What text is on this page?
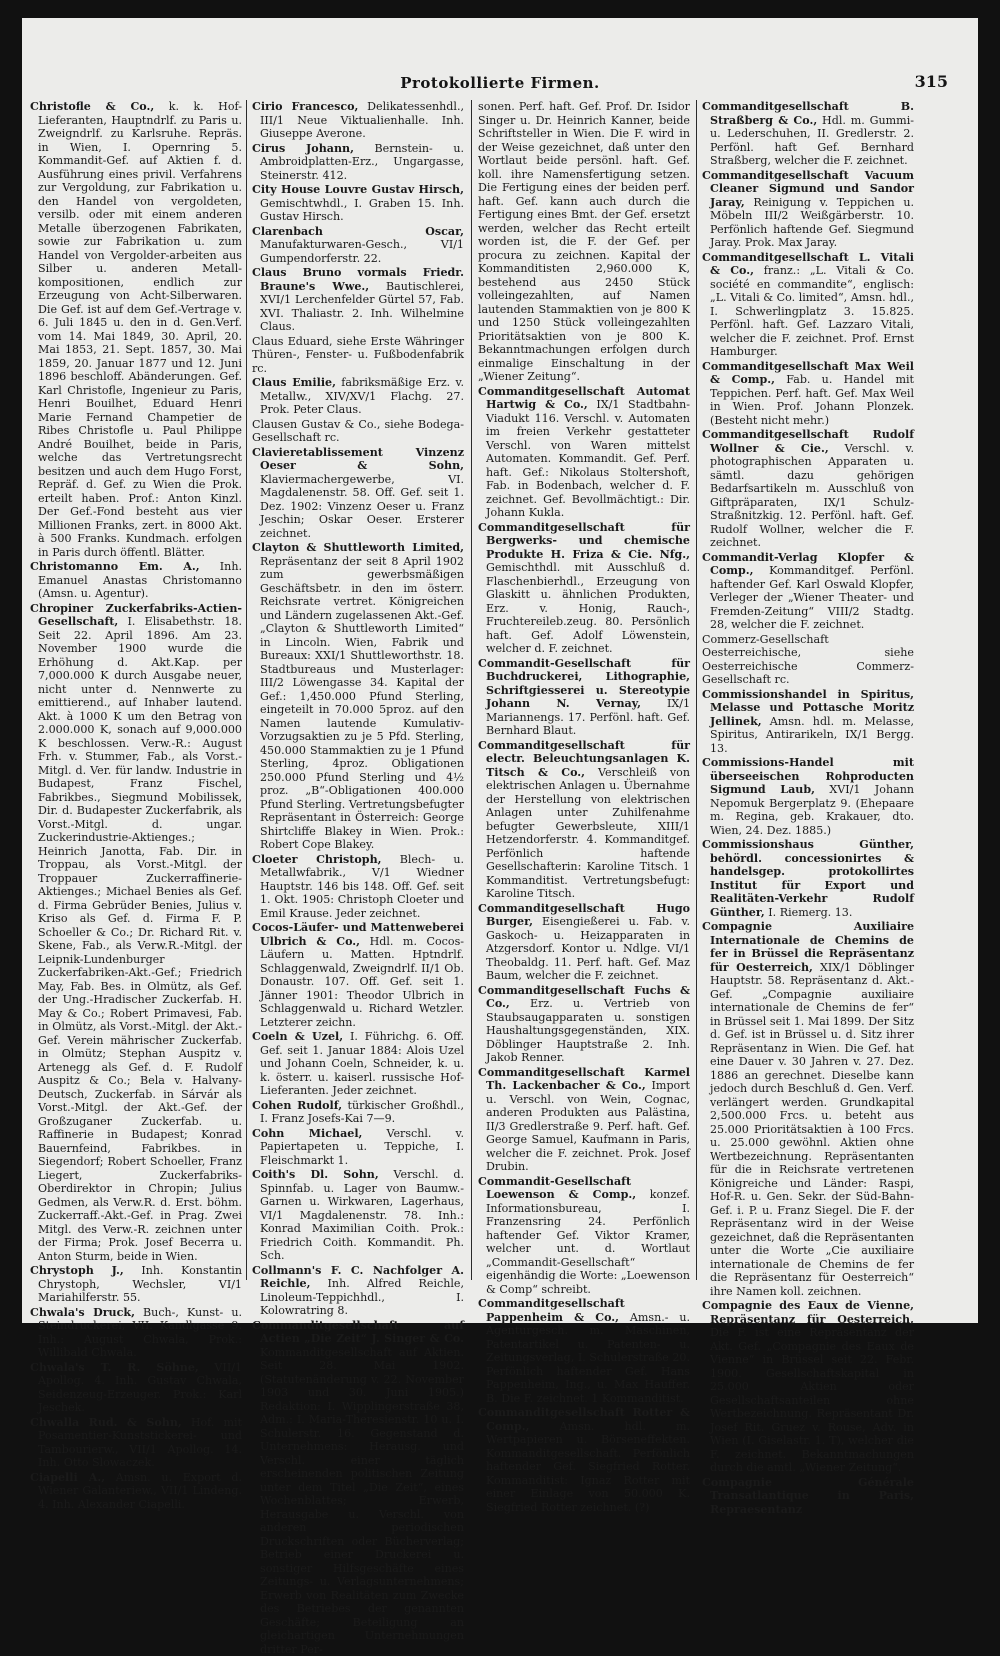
Protokollierte Firmen.	315
Christofle & Co., k. k. Hof-Lieferanten, Hauptndrlf. zu Paris u. Zweigndrlf. zu Karlsruhe. Repräs. in Wien, I. Opernring 5. Kommandit-Gef. auf Aktien f. d. Ausführung eines privil. Verfahrens zur Vergoldung, zur Fabrikation u. den Handel von vergoldeten, versilb. oder mit einem anderen Metalle überzogenen Fabrikaten, sowie zur Fabrikation u. zum Handel von Vergolder-arbeiten aus Silber u. anderen Metall-kompositionen, endlich zur Erzeugung von Acht-Silberwaren. Die Gef. ist auf dem Gef.-Vertrage v. 6. Juli 1845 u. den in d. Gen.Verf. vom 14. Mai 1849, 30. April, 20. Mai 1853, 21. Sept. 1857, 30. Mai 1859, 20. Januar 1877 und 12. Juni 1896 beschloff. Abänderungen. Gef. Karl Christofle, Ingenieur zu Paris, Henri Bouilhet, Eduard Henri Marie Fernand Champetier de Ribes Christofle u. Paul Philippe André Bouilhet, beide in Paris, welche das Vertretungsrecht besitzen und auch dem Hugo Forst, Repräf. d. Gef. zu Wien die Prok. erteilt haben. Prof.: Anton Kinzl. Der Gef.-Fond besteht aus vier Millionen Franks, zert. in 8000 Akt. à 500 Franks. Kundmach. erfolgen in Paris durch öffentl. Blätter.
Christomanno Em. A., Inh. Emanuel Anastas Christomanno (Amsn. u. Agentur).
Chropiner Zuckerfabriks-Actien-Gesellschaft, I. Elisabethstr. 18. Seit 22. April 1896. Am 23. November 1900 wurde die Erhöhung d. Akt.Kap. per 7,000.000 K durch Ausgabe neuer, nicht unter d. Nennwerte zu emittierend., auf Inhaber lautend. Akt. à 1000 K um den Betrag von 2.000.000 K, sonach auf 9,000.000 K beschlossen. Verw.-R.: August Frh. v. Stummer, Fab., als Vorst.-Mitgl. d. Ver. für landw. Industrie in Budapest, Franz Fischel, Fabrikbes., Siegmund Mobilissek, Dir. d. Budapester Zuckerfabrik, als Vorst.-Mitgl. d. ungar. Zuckerindustrie-Aktienges.; Heinrich Janotta, Fab. Dir. in Troppau, als Vorst.-Mitgl. der Troppauer Zuckerraffinerie-Aktienges.; Michael Benies als Gef. d. Firma Gebrüder Benies, Julius v. Kriso als Gef. d. Firma F. P. Schoeller & Co.; Dr. Richard Rit. v. Skene, Fab., als Verw.R.-Mitgl. der Leipnik-Lundenburger Zuckerfabriken-Akt.-Gef.; Friedrich May, Fab. Bes. in Olmütz, als Gef. der Ung.-Hradischer Zuckerfab. H. May & Co.; Robert Primavesi, Fab. in Olmütz, als Vorst.-Mitgl. der Akt.-Gef. Verein mährischer Zuckerfab. in Olmütz; Stephan Auspitz v. Artenegg als Gef. d. F. Rudolf Auspitz & Co.; Bela v. Halvany-Deutsch, Zuckerfab. in Sárvár als Vorst.-Mitgl. der Akt.-Gef. der Großzuganer Zuckerfab. u. Raffinerie in Budapest; Konrad Bauernfeind, Fabrikbes. in Siegendorf; Robert Schoeller, Franz Liegert, Zuckerfabriks-Oberdirektor in Chropin; Julius Gedmen, als Verw.R. d. Erst. böhm. Zuckerraff.-Akt.-Gef. in Prag. Zwei Mitgl. des Verw.-R. zeichnen unter der Firma; Prok. Josef Becerra u. Anton Sturm, beide in Wien.
Chrystoph J., Inh. Konstantin Chrystoph, Wechsler, VI/1 Mariahilferstr. 55.
Chwala's Druck, Buch-, Kunst- u. Steindruckerei, VII. Kandlgasse 9. Inh.: August Chwala, Prok.: Willibald Chwala.
Chwala's T. R. Söhne, VII/1 Apollog. 4. Inh. Gustav Chwala, Seidenzeug-Erzeuger. Prok.: Karl Jeschek.
Chwalla Rud. & Sohn, Hof. mit Posamentier-Kunststickerei- und Tambourierw., VII/1 Apollog. 14. Inh. Otto Slowaczek.
Ciapelli A., Amsn. u. Export d. Wiener Galanteriew., VII/1 Lindeng. 4. Inh. Alexander Ciapelli.
Cirio Francesco, Delikatessenhdl., III/1 Neue Viktualienhalle. Inh. Giuseppe Averone.
Cirus Johann, Bernstein- u. Ambroidplatten-Erz., Ungargasse, Steinerstr. 412.
City House Louvre Gustav Hirsch, Gemischtwhdl., I. Graben 15. Inh. Gustav Hirsch.
Clarenbach Oscar, Manufakturwaren-Gesch., VI/1 Gumpendorferstr. 22.
Claus Bruno vormals Friedr. Braune's Wwe., Bautischlerei, XVI/1 Lerchenfelder Gürtel 57, Fab. XVI. Thaliastr. 2. Inh. Wilhelmine Claus.
Claus Eduard, siehe Erste Währinger Thüren-, Fenster- u. Fußbodenfabrik rc.
Claus Emilie, fabriksmäßige Erz. v. Metallw., XIV/XV/1 Flachg. 27. Prok. Peter Claus.
Clausen Gustav & Co., siehe Bodega-Gesellschaft rc.
Clavieretablissement Vinzenz Oeser & Sohn, Klaviermachergewerbe, VI. Magdalenenstr. 58. Off. Gef. seit 1. Dez. 1902: Vinzenz Oeser u. Franz Jeschin; Oskar Oeser. Ersterer zeichnet.
Clayton & Shuttleworth Limited, Repräsentanz der seit 8 April 1902 zum gewerbsmäßigen Geschäftsbetr. in den im österr. Reichsrate vertret. Königreichen und Ländern zugelassenen Akt.-Gef. „Clayton & Shuttleworth Limited“ in Lincoln. Wien, Fabrik und Bureaux: XXI/1 Shuttleworthstr. 18. Stadtbureaus und Musterlager: III/2 Löwengasse 34. Kapital der Gef.: 1,450.000 Pfund Sterling, eingeteilt in 70.000 5proz. auf den Namen lautende Kumulativ-Vorzugsaktien zu je 5 Pfd. Sterling, 450.000 Stammaktien zu je 1 Pfund Sterling, 4proz. Obligationen 250.000 Pfund Sterling und 4½ proz. „B“-Obligationen 400.000 Pfund Sterling. Vertretungsbefugter Repräsentant in Österreich: George Shirtcliffe Blakey in Wien. Prok.: Robert Cope Blakey.
Cloeter Christoph, Blech- u. Metallwfabrik., V/1 Wiedner Hauptstr. 146 bis 148. Off. Gef. seit 1. Okt. 1905: Christoph Cloeter und Emil Krause. Jeder zeichnet.
Cocos-Läufer- und Mattenweberei Ulbrich & Co., Hdl. m. Cocos-Läufern u. Matten. Hptndrlf. Schlaggenwald, Zweigndrlf. II/1 Ob. Donaustr. 107. Off. Gef. seit 1. Jänner 1901: Theodor Ulbrich in Schlaggenwald u. Richard Wetzler. Letzterer zeichn.
Coeln & Uzel, I. Führichg. 6. Off. Gef. seit 1. Januar 1884: Alois Uzel und Johann Coeln, Schneider, k. u. k. österr. u. kaiserl. russische Hof-Lieferanten. Jeder zeichnet.
Cohen Rudolf, türkischer Großhdl., I. Franz Josefs-Kai 7—9.
Cohn Michael, Verschl. v. Papiertapeten u. Teppiche, I. Fleischmarkt 1.
Coith's Dl. Sohn, Verschl. d. Spinnfab. u. Lager von Baumw.-Garnen u. Wirkwaren, Lagerhaus, VI/1 Magdalenenstr. 78. Inh.: Konrad Maximilian Coith. Prok.: Friedrich Coith. Kommandit. Ph. Sch.
Collmann's F. C. Nachfolger A. Reichle, Inh. Alfred Reichle, Linoleum-Teppichhdl., I. Kolowratring 8.
Commanditgesellschaft auf Actien „Die Zeit“ J. Singer & Co. Kommanditgesellschaft auf Aktien. Seit 28. Mai 1902. (Statutenänderung v. 22. November 1903 und 30. Juni 1905.) Redaktion: I. Wipplingerstraße 38, Adm.: I. Maria-Theresienstr. 10 u. I. Schulerstr. 16. Gegenstand d. Unternehmens: Herausg. und Verschl. einer täglich erscheinenden politischen Zeitung unter dem Titel „Die Zeit“, eines Wochenblattes; Erwerb, Herausgabe u. Verschl. von anderen periodischen Druckschriften oder Bücherverlag; Betrieb einer Druckerei u. sonstiger Hilfsgeschäfte eines Zeitungs- u. Verlagsunternehmens; Erwerb von Realitäten zum Zwecke des Betriebes der genannten Geschäfte; Beteiligung an gleichartigen Unternehmungen dritter Per-
sonen. Perf. haft. Gef. Prof. Dr. Isidor Singer u. Dr. Heinrich Kanner, beide Schriftsteller in Wien. Die F. wird in der Weise gezeichnet, daß unter den Wortlaut beide persönl. haft. Gef. koll. ihre Namensfertigung setzen. Die Fertigung eines der beiden perf. haft. Gef. kann auch durch die Fertigung eines Bmt. der Gef. ersetzt werden, welcher das Recht erteilt worden ist, die F. der Gef. per procura zu zeichnen. Kapital der Kommanditisten 2,960.000 K, bestehend aus 2450 Stück volleingezahlten, auf Namen lautenden Stammaktien von je 800 K und 1250 Stück volleingezahlten Prioritätsaktien von je 800 K. Bekanntmachungen erfolgen durch einmalige Einschaltung in der „Wiener Zeitung“.
Commanditgesellschaft Automat Hartwig & Co., IX/1 Stadtbahn-Viadukt 116. Verschl. v. Automaten im freien Verkehr gestatteter Verschl. von Waren mittelst Automaten. Kommandit. Gef. Perf. haft. Gef.: Nikolaus Stoltershoft, Fab. in Bodenbach, welcher d. F. zeichnet. Gef. Bevollmächtigt.: Dir. Johann Kukla.
Commanditgesellschaft für Bergwerks- und chemische Produkte H. Friza & Cie. Nfg., Gemischthdl. mit Ausschluß d. Flaschenbierhdl., Erzeugung von Glaskitt u. ähnlichen Produkten, Erz. v. Honig, Rauch-, Fruchtereileb.zeug. 80. Persönlich haft. Gef. Adolf Löwenstein, welcher d. F. zeichnet.
Commandit-Gesellschaft für Buchdruckerei, Lithographie, Schriftgiesserei u. Stereotypie Johann N. Vernay, IX/1 Mariannengs. 17. Perfönl. haft. Gef. Bernhard Blaut.
Commanditgesellschaft für electr. Beleuchtungsanlagen K. Titsch & Co., Verschleiß von elektrischen Anlagen u. Übernahme der Herstellung von elektrischen Anlagen unter Zuhilfenahme befugter Gewerbsleute, XIII/1 Hetzendorferstr. 4. Kommanditgef. Perfönlich haftende Gesellschafterin: Karoline Titsch. 1 Kommanditist. Vertretungsbefugt: Karoline Titsch.
Commanditgesellschaft Hugo Burger, Eisengießerei u. Fab. v. Gaskoch- u. Heizapparaten in Atzgersdorf. Kontor u. Ndlge. VI/1 Theobaldg. 11. Perf. haft. Gef. Maz Baum, welcher die F. zeichnet.
Commanditgesellschaft Fuchs & Co., Erz. u. Vertrieb von Staubsaugapparaten u. sonstigen Haushaltungsgegenständen, XIX. Döblinger Hauptstraße 2. Inh. Jakob Renner.
Commanditgesellschaft Karmel Th. Lackenbacher & Co., Import u. Verschl. von Wein, Cognac, anderen Produkten aus Palästina, II/3 Gredlerstraße 9. Perf. haft. Gef. George Samuel, Kaufmann in Paris, welcher die F. zeichnet. Prok. Josef Drubin.
Commandit-Gesellschaft Loewenson & Comp., konzef. Informationsbureau, I. Franzensring 24. Perfönlich haftender Gef. Viktor Kramer, welcher unt. d. Wortlaut „Commandit-Gesellschaft“ eigenhändig die Worte: „Loewenson & Comp“ schreibt.
Commanditgesellschaft Pappenheim & Co., Amsn.- u. Agenturgesch. m. Maschinen, Patentartikel u. Patenten- u. Zeitungsverlag, I. Schulerstraße 20. Perfönlich haftender Gef. Hans Pappenheim, Ing., u. Max Hauffer. B. Die F. zeichnet. 1 Kommanditist.
Commanditgesellschaft Rotter & Comp.,	Amsn. hdl. m. Wertpapieren u. Börseneffekten. Kommanditgesellschaft. Perfönlich haftender Gef. Siegfried Rotter. Kommanditist: Ignaz Rotter mit einer Einlage von 50.000 K. Siegfried Rotter zeichnet. (?)
Commanditgesellschaft B. Straßberg & Co., Hdl. m. Gummi- u. Lederschuhen, II. Gredlerstr. 2. Perfönl. haft Gef. Bernhard Straßberg, welcher die F. zeichnet.
Commanditgesellschaft Vacuum Cleaner Sigmund und Sandor Jaray, Reinigung v. Teppichen u. Möbeln III/2 Weißgärberstr. 10. Perfönlich haftende Gef. Siegmund Jaray. Prok. Max Jaray.
Commanditgesellschaft L. Vitali & Co., franz.: „L. Vitali & Co. société en commandite“, englisch: „L. Vitali & Co. limited“, Amsn. hdl., I. Schwerlingplatz 3. 15.825. Perfönl. haft. Gef. Lazzaro Vitali, welcher die F. zeichnet. Prof. Ernst Hamburger.
Commanditgesellschaft Max Weil & Comp., Fab. u. Handel mit Teppichen. Perf. haft. Gef. Max Weil in Wien. Prof. Johann Plonzek. (Besteht nicht mehr.)
Commanditgesellschaft Rudolf Wollner & Cie., Verschl. v. photographischen Apparaten u. sämtl. dazu gehörigen Bedarfsartikeln m. Ausschluß von Giftpräparaten, IX/1 Schulz-Straßnitzkig. 12. Perfönl. haft. Gef. Rudolf Wollner, welcher die F. zeichnet.
Commandit-Verlag Klopfer & Comp., Kommanditgef. Perfönl. haftender Gef. Karl Oswald Klopfer, Verleger der „Wiener Theater- und Fremden-Zeitung“ VIII/2 Stadtg. 28, welcher die F. zeichnet.
Commerz-Gesellschaft Oesterreichische, siehe Oesterreichische Commerz-Gesellschaft rc.
Commissionshandel in Spiritus, Melasse und Pottasche Moritz Jellinek, Amsn. hdl. m. Melasse, Spiritus, Antirarikeln, IX/1 Bergg. 13.
Commissions-Handel mit überseeischen Rohproducten Sigmund Laub, XVI/1 Johann Nepomuk Bergerplatz 9. (Ehepaare m. Regina, geb. Krakauer, dto. Wien, 24. Dez. 1885.)
Commissionshaus Günther, behördl. concessionirtes & handelsgер. protokollirtes Institut für Export und Realitäten-Verkehr Rudolf Günther, I. Riemerg. 13.
Compagnie Auxiliaire Internationale de Chemins de fer in Brüssel die Repräsentanz für Oesterreich, XIX/1 Döblinger Hauptstr. 58. Repräsentanz d. Akt.-Gef. „Compagnie auxiliaire internationale de Chemins de fer“ in Brüssel seit 1. Mai 1899. Der Sitz d. Gef. ist in Brüssel u. d. Sitz ihrer Repräsentanz in Wien. Die Gef. hat eine Dauer v. 30 Jahren v. 27. Dez. 1886 an gerechnet. Dieselbe kann jedoch durch Beschluß d. Gen. Verf. verlängert werden. Grundkapital 2,500.000 Frcs. u. beteht aus 25.000 Prioritätsaktien à 100 Frcs. u. 25.000 gewöhnl. Aktien ohne Wertbezeichnung. Repräsentanten für die in Reichsrate vertretenen Königreiche und Länder: Raspi, Hof-R. u. Gen. Sekr. der Süd-Bahn-Gef. i. P. u. Franz Siegel. Die F. der Repräsentanz wird in der Weise gezeichnet, daß die Repräsentanten unter die Worte „Cie auxiliaire internationale de Chemins de fer die Repräsentanz für Oesterreich“ ihre Namen koll. zeichnen.
Compagnie des Eaux de Vienne, Repräsentanz für Oesterreich, Die F. ist eine Repräsentanz der Akt. Gef. „Compagnie des Eaux de Vienne“ in Brüssel seit 22. Febr. 1900. Gesellschaftskapital in 25.000 Aktien oder Gesellschaftsanteilen ohne Wertbezeichnung. Repräsentant Dr. Josef Rit. Gruez v. Rouse, Adv. in Wien (I. Giselastr. 1. T), welcher die F. zeichnet. Bekanntmachungen durch die amtl. „Wiener Zeitung“.
Compagnie Générale Transatlantique in Paris, Repraesentanz
